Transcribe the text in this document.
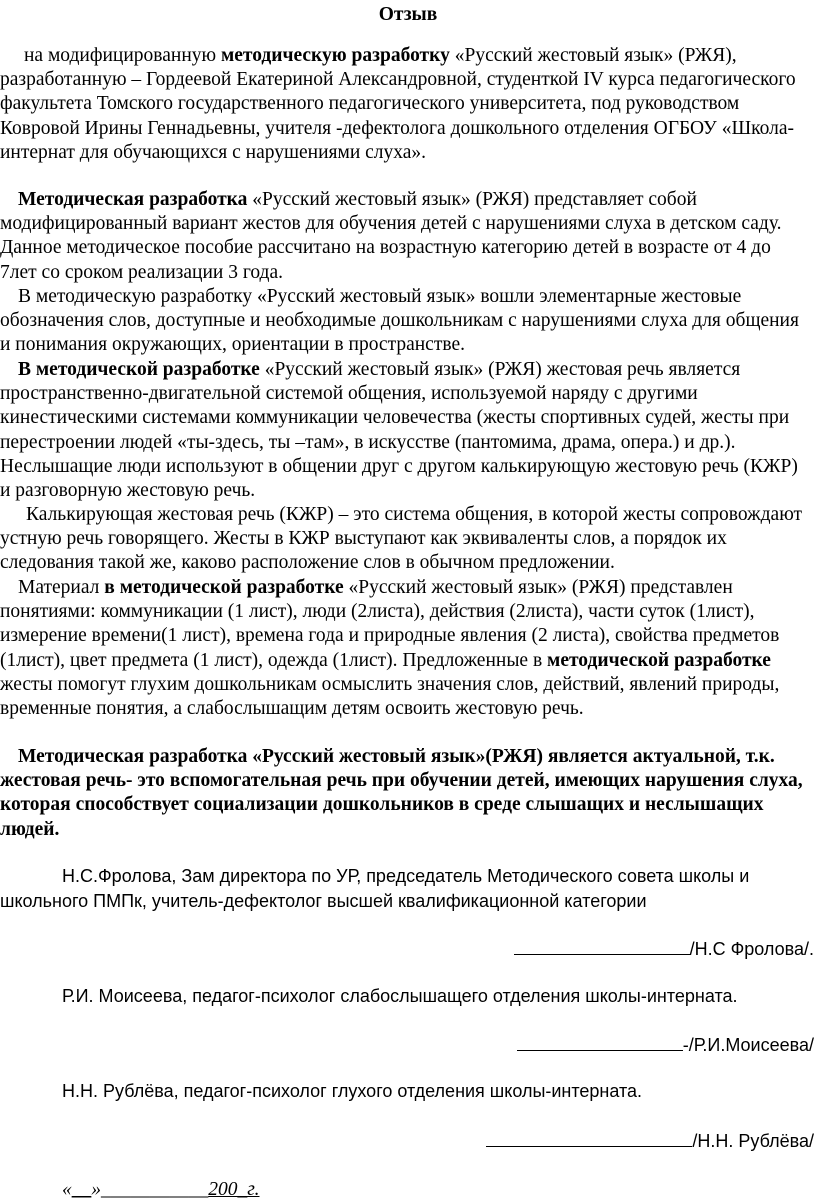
Отзыв

на модифицированную методическую разработку «Русский жестовый язык» (РЖЯ), разработанную – Гордеевой Екатериной Александровной, студенткой IV курса педагогического факультета Томского государственного педагогического университета, под руководством Ковровой Ирины Геннадьевны, учителя -дефектолога дошкольного отделения ОГБОУ «Школа-интернат для обучающихся с нарушениями слуха».

Методическая разработка «Русский жестовый язык» (РЖЯ) представляет собой модифицированный вариант жестов для обучения детей с нарушениями слуха в детском саду. Данное методическое пособие рассчитано на возрастную категорию детей в возрасте от 4 до 7лет со сроком реализации 3 года.

В методическую разработку «Русский жестовый язык» вошли элементарные жестовые обозначения слов, доступные и необходимые дошкольникам с нарушениями слуха для общения и понимания окружающих, ориентации в пространстве.

В методической разработке «Русский жестовый язык» (РЖЯ) жестовая речь является пространственно-двигательной системой общения, используемой наряду с другими кинестическими системами коммуникации человечества (жесты спортивных судей, жесты при перестроении людей «ты-здесь, ты –там», в искусстве (пантомима, драма, опера.) и др.). Неслышащие люди используют в общении друг с другом калькирующую жестовую речь (КЖР) и разговорную жестовую речь.

Калькирующая жестовая речь (КЖР) – это система общения, в которой жесты сопровождают устную речь говорящего. Жесты в КЖР выступают как эквиваленты слов, а порядок их следования такой же, каково расположение слов в обычном предложении.

Материал в методической разработке «Русский жестовый язык» (РЖЯ) представлен понятиями: коммуникации (1 лист), люди (2листа), действия (2листа), части суток (1лист), измерение времени(1 лист), времена года и природные явления (2 листа), свойства предметов (1лист), цвет предмета (1 лист), одежда (1лист). Предложенные в методической разработке жесты помогут глухим дошкольникам осмыслить значения слов, действий, явлений природы, временные понятия, а слабослышащим детям освоить жестовую речь.

Методическая разработка «Русский жестовый язык»(РЖЯ) является актуальной, т.к. жестовая речь- это вспомогательная речь при обучении детей, имеющих нарушения слуха, которая способствует социализации дошкольников в среде слышащих и неслышащих людей.

Н.С.Фролова, Зам директора по УР, председатель Методического совета школы и школьного ПМПк, учитель-дефектолог высшей квалификационной категории

/Н.С Фролова/.

Р.И. Моисеева, педагог-психолог слабослышащего отделения школы-интерната.

-/Р.И.Моисеева/

Н.Н. Рублёва, педагог-психолог глухого отделения школы-интерната.

/Н.Н. Рублёва/
«__»___________200_г.
